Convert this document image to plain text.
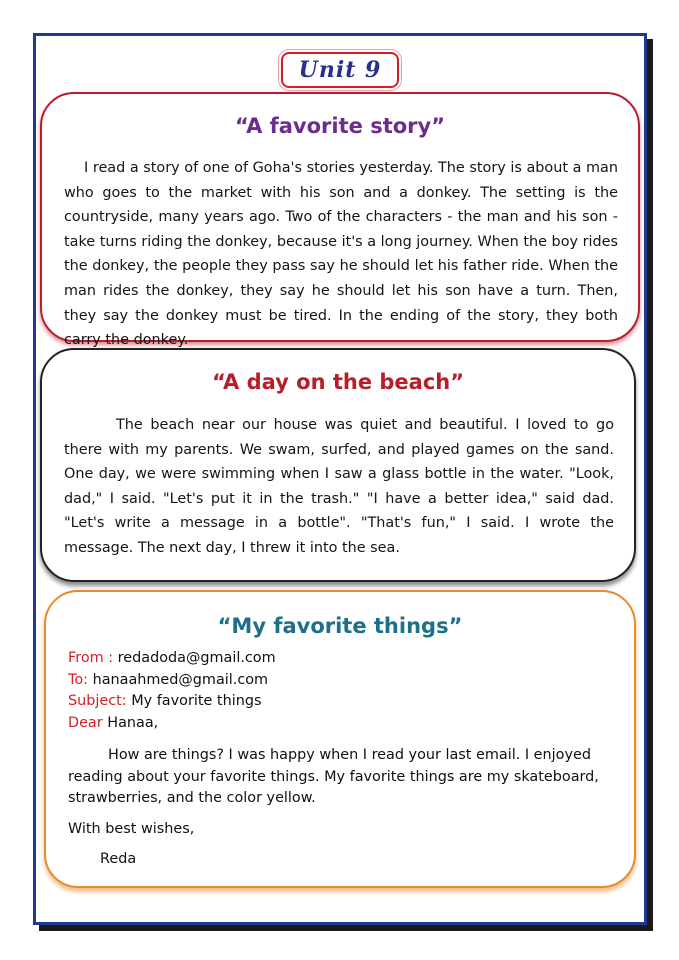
Unit 9
“A favorite story”

I read a story of one of Goha's stories yesterday. The story is about a man who goes to the market with his son and a donkey. The setting is the countryside, many years ago. Two of the characters - the man and his son - take turns riding the donkey, because it's a long journey. When the boy rides the donkey, the people they pass say he should let his father ride. When the man rides the donkey, they say he should let his son have a turn. Then, they say the donkey must be tired. In the ending of the story, they both carry the donkey.

“A day on the beach”

The beach near our house was quiet and beautiful. I loved to go there with my parents. We swam, surfed, and played games on the sand. One day, we were swimming when I saw a glass bottle in the water. "Look, dad," I said. "Let's put it in the trash." "I have a better idea," said dad. "Let's write a message in a bottle". "That's fun," I said. I wrote the message. The next day, I threw it into the sea.

“My favorite things”

From : redadoda@gmail.com

To: hanaahmed@gmail.com

Subject: My favorite things

Dear Hanaa,

How are things? I was happy when I read your last email. I enjoyed reading about your favorite things. My favorite things are my skateboard, strawberries, and the color yellow.

With best wishes,

Reda
